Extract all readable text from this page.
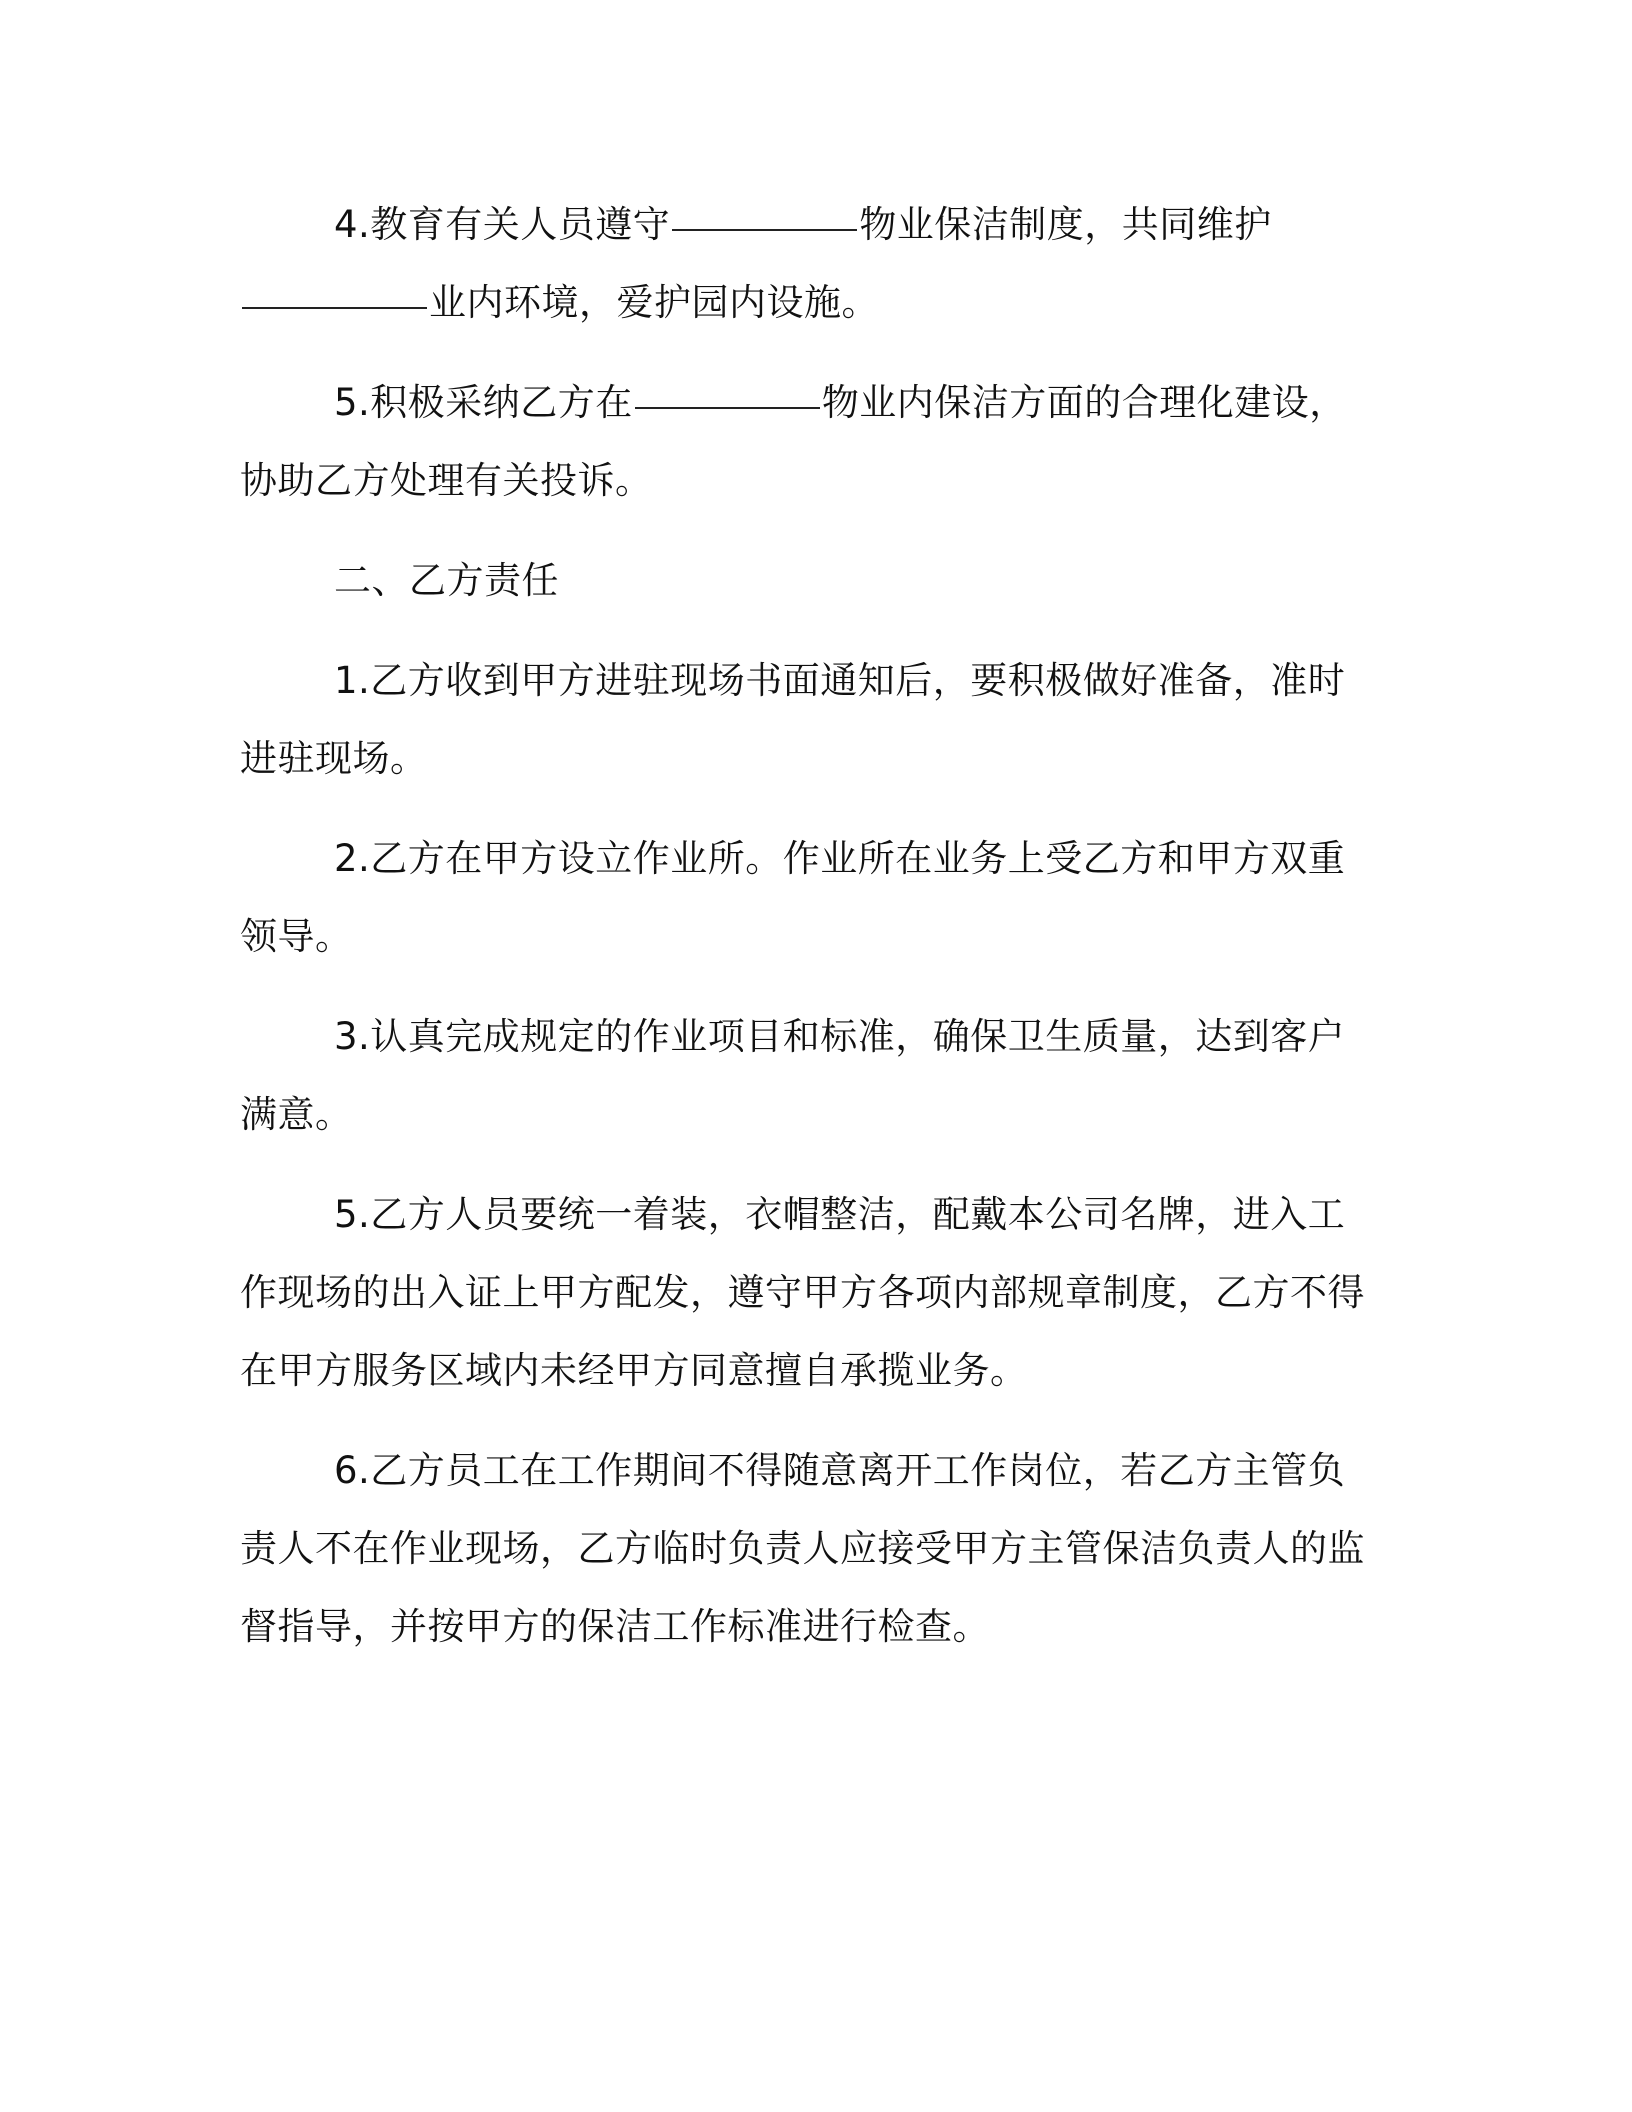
4.教育有关人员遵守	物业保洁制度，共同维护业内环境，爱护园内设施。

5.积极采纳乙方在	物业内保洁方面的合理化建设，协助乙方处理有关投诉。

二、乙方责任

1.乙方收到甲方进驻现场书面通知后，要积极做好准备，准时进驻现场。

2.乙方在甲方设立作业所。作业所在业务上受乙方和甲方双重领导。

3.认真完成规定的作业项目和标准，确保卫生质量，达到客户满意。

5.乙方人员要统一着装，衣帽整洁，配戴本公司名牌，进入工作现场的出入证上甲方配发，遵守甲方各项内部规章制度，乙方不得在甲方服务区域内未经甲方同意擅自承揽业务。

6.乙方员工在工作期间不得随意离开工作岗位，若乙方主管负责人不在作业现场，乙方临时负责人应接受甲方主管保洁负责人的监督指导，并按甲方的保洁工作标准进行检查。
